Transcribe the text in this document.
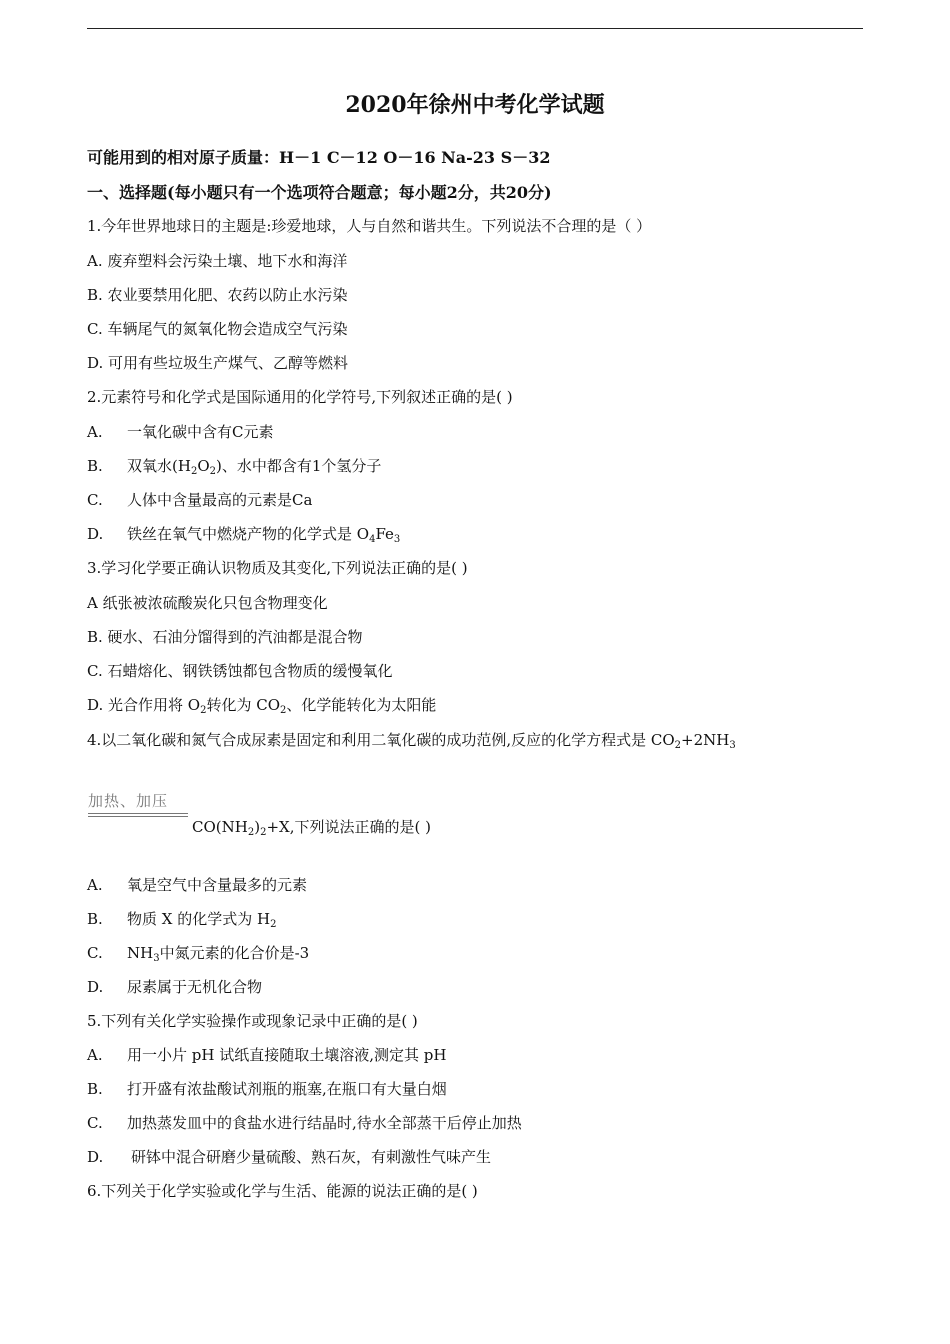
2020年徐州中考化学试题
可能用到的相对原子质量：H－1 C－12 O－16 Na-23 S－32
一、选择题(每小题只有一个选项符合题意；每小题2分，共20分)
1.今年世界地球日的主题是:珍爱地球，人与自然和谐共生。下列说法不合理的是（ ）
A. 废弃塑料会污染土壤、地下水和海洋
B. 农业要禁用化肥、农药以防止水污染
C. 车辆尾气的氮氧化物会造成空气污染
D. 可用有些垃圾生产煤气、乙醇等燃料
2.元素符号和化学式是国际通用的化学符号,下列叙述正确的是( )
A. 一氧化碳中含有C元素
B. 双氧水$(H_2O_2)$、水中都含有1个氢分子
C. 人体中含量最高的元素是Ca
D. 铁丝在氧气中燃烧产物的化学式是 $O_4Fe_3$
3.学习化学要正确认识物质及其变化,下列说法正确的是( )
A 纸张被浓硫酸炭化只包含物理变化
B. 硬水、石油分馏得到的汽油都是混合物
C. 石蜡熔化、钢铁锈蚀都包含物质的缓慢氧化
D. 光合作用将 $O_2$转化为 $CO_2$、化学能转化为太阳能
4.以二氧化碳和氮气合成尿素是固定和利用二氧化碳的成功范例,反应的化学方程式是 $CO_2+2NH_3$
加热、加压
$CO(NH_2)_2+X$,下列说法正确的是( )
A. 氧是空气中含量最多的元素
B. 物质 X 的化学式为 $H_2$
C. $NH_3$中氮元素的化合价是-3
D. 尿素属于无机化合物
5.下列有关化学实验操作或现象记录中正确的是( )
A. 用一小片 pH 试纸直接随取土壤溶液,测定其 pH
B. 打开盛有浓盐酸试剂瓶的瓶塞,在瓶口有大量白烟
C. 加热蒸发皿中的食盐水进行结晶时,待水全部蒸干后停止加热
D. 研钵中混合研磨少量硫酸、熟石灰，有刺激性气味产生
6.下列关于化学实验或化学与生活、能源的说法正确的是( )
